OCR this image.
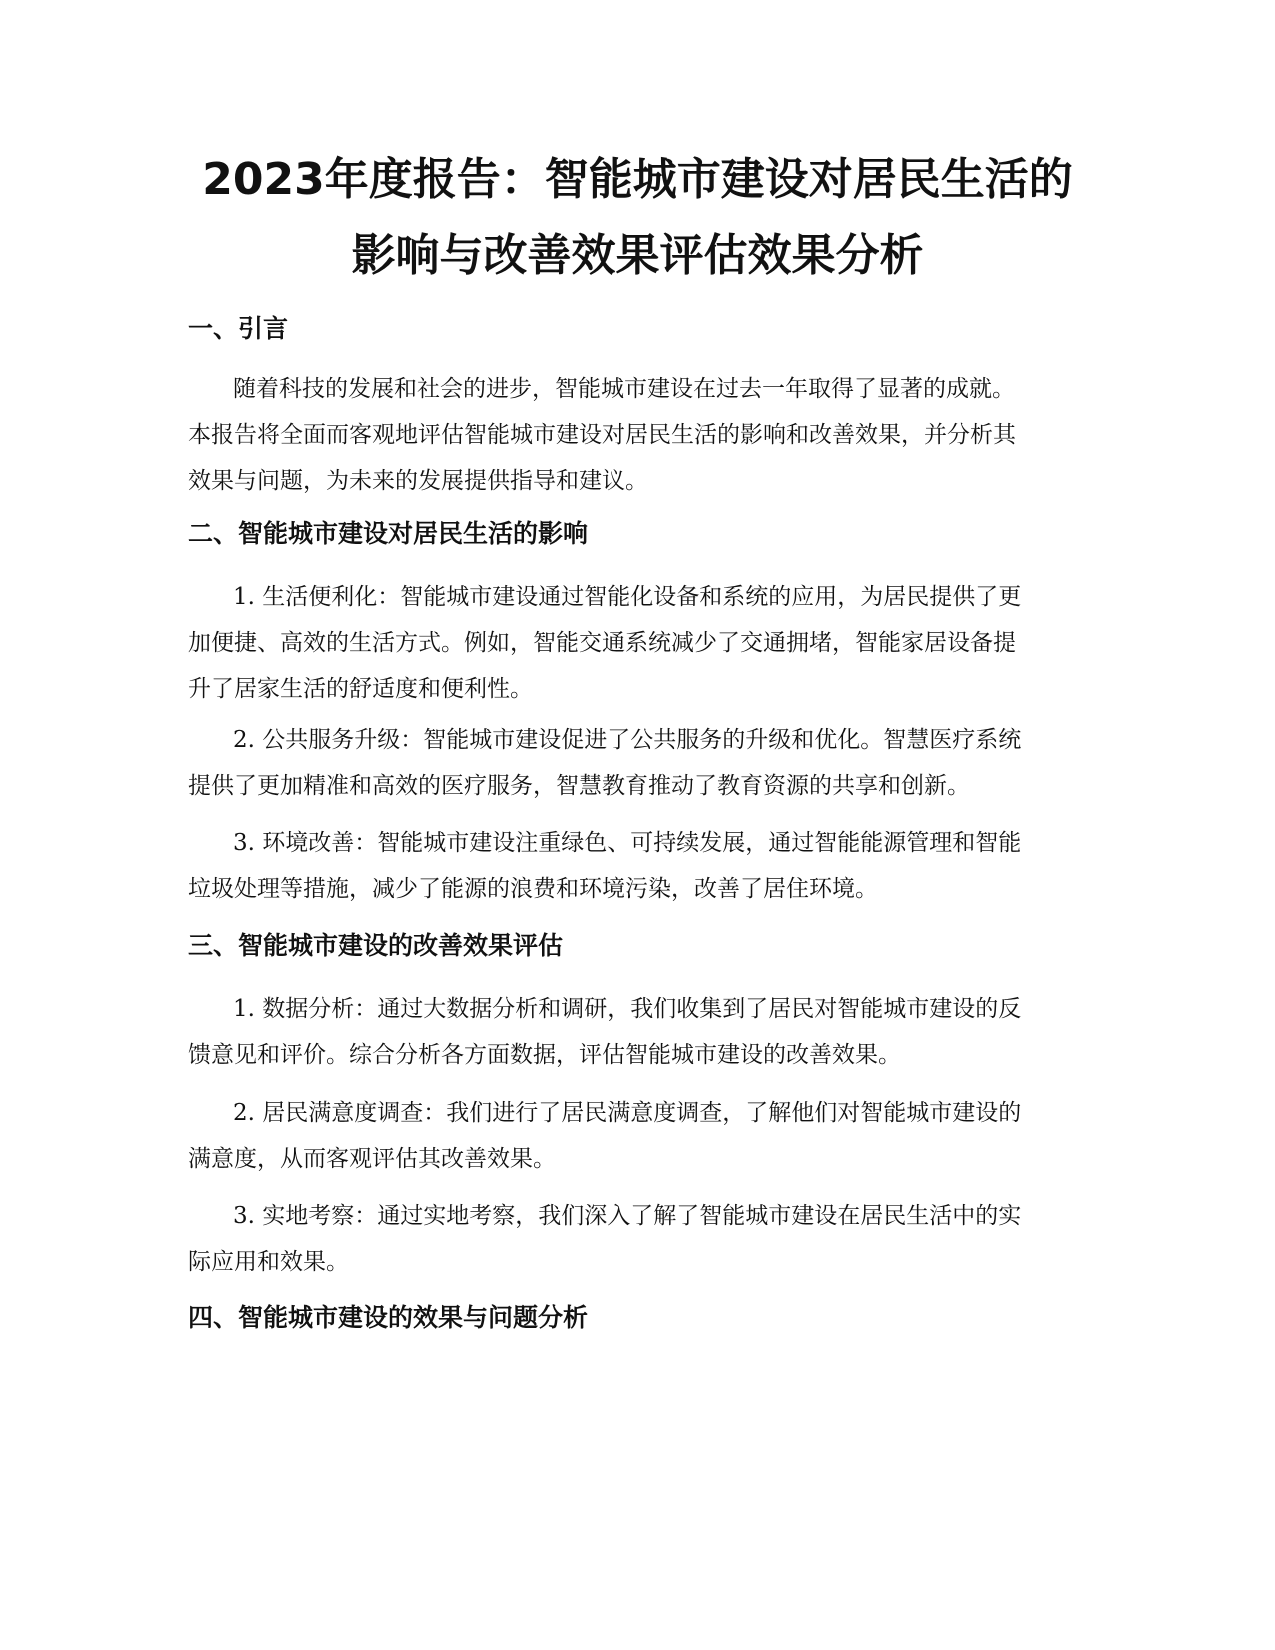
2023年度报告：智能城市建设对居民生活的
影响与改善效果评估效果分析
一、引言
随着科技的发展和社会的进步，智能城市建设在过去一年取得了显著的成就。
本报告将全面而客观地评估智能城市建设对居民生活的影响和改善效果，并分析其
效果与问题，为未来的发展提供指导和建议。
二、智能城市建设对居民生活的影响
1. 生活便利化：智能城市建设通过智能化设备和系统的应用，为居民提供了更
加便捷、高效的生活方式。例如，智能交通系统减少了交通拥堵，智能家居设备提
升了居家生活的舒适度和便利性。
2. 公共服务升级：智能城市建设促进了公共服务的升级和优化。智慧医疗系统
提供了更加精准和高效的医疗服务，智慧教育推动了教育资源的共享和创新。
3. 环境改善：智能城市建设注重绿色、可持续发展，通过智能能源管理和智能
垃圾处理等措施，减少了能源的浪费和环境污染，改善了居住环境。
三、智能城市建设的改善效果评估
1. 数据分析：通过大数据分析和调研，我们收集到了居民对智能城市建设的反
馈意见和评价。综合分析各方面数据，评估智能城市建设的改善效果。
2. 居民满意度调查：我们进行了居民满意度调查，了解他们对智能城市建设的
满意度，从而客观评估其改善效果。
3. 实地考察：通过实地考察，我们深入了解了智能城市建设在居民生活中的实
际应用和效果。
四、智能城市建设的效果与问题分析
